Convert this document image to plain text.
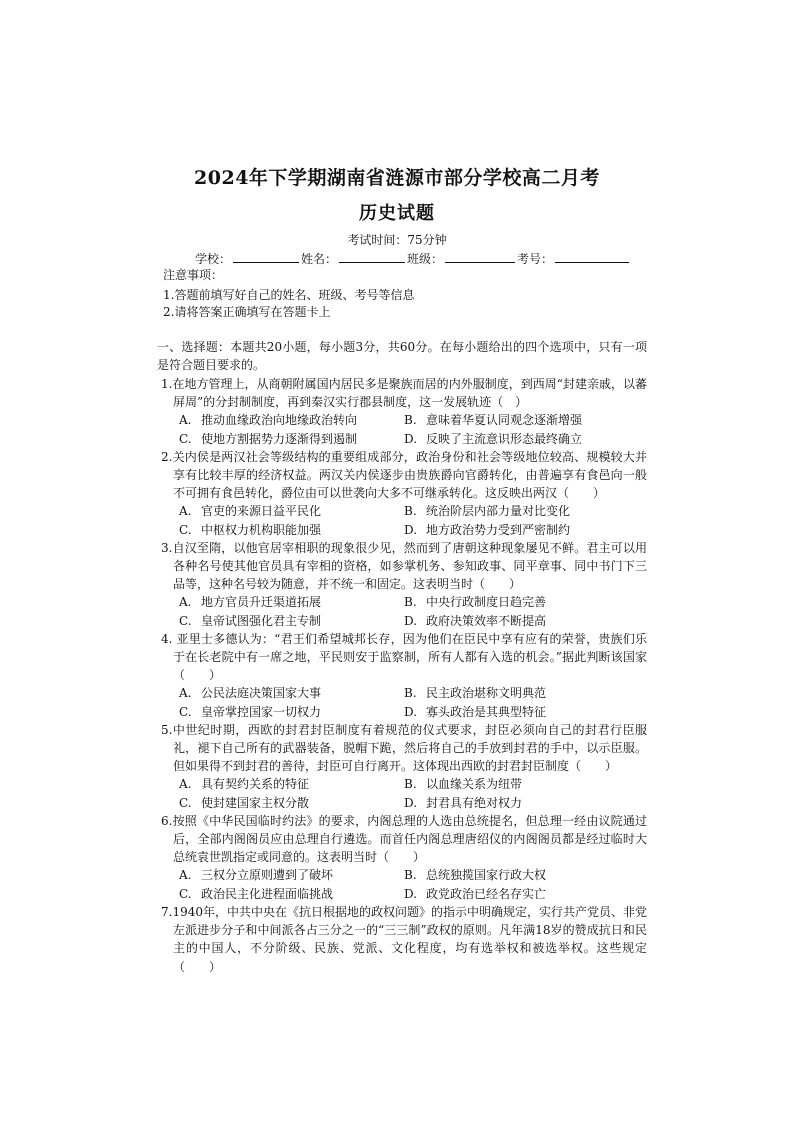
2024年下学期湖南省涟源市部分学校高二月考
历史试题
考试时间：75分钟
学校：	姓名：	班级：	考号：
注意事项：
1.答题前填写好自己的姓名、班级、考号等信息
2.请将答案正确填写在答题卡上
一、选择题：本题共20小题，每小题3分，共60分。在每小题给出的四个选项中，只有一项是符合题目要求的。
1.在地方管理上，从商朝附属国内居民多是聚族而居的内外服制度，到西周“封建亲戚，以蕃屏周”的分封制制度，再到秦汉实行郡县制度，这一发展轨迹（　）
A. 推动血缘政治向地缘政治转向	B. 意味着华夏认同观念逐渐增强
C. 使地方割据势力逐渐得到遏制	D. 反映了主流意识形态最终确立
2.关内侯是两汉社会等级结构的重要组成部分，政治身份和社会等级地位较高、规模较大并享有比较丰厚的经济权益。两汉关内侯逐步由贵族爵向官爵转化，由普遍享有食邑向一般不可拥有食邑转化，爵位由可以世袭向大多不可继承转化。这反映出两汉（　　）
A. 官吏的来源日益平民化	B. 统治阶层内部力量对比变化
C. 中枢权力机构职能加强	D. 地方政治势力受到严密制约
3.自汉至隋，以他官居宰相职的现象很少见，然而到了唐朝这种现象屡见不鲜。君主可以用各种名号使其他官员具有宰相的资格，如参掌机务、参知政事、同平章事、同中书门下三品等，这种名号较为随意，并不统一和固定。这表明当时（　　）
A. 地方官员升迁渠道拓展	B. 中央行政制度日趋完善
C. 皇帝试图强化君主专制	D. 政府决策效率不断提高
4. 亚里士多德认为：“君王们希望城邦长存，因为他们在臣民中享有应有的荣誉，贵族们乐于在长老院中有一席之地，平民则安于监察制，所有人都有入选的机会。”据此判断该国家（　　）
A. 公民法庭决策国家大事	B. 民主政治堪称文明典范
C. 皇帝掌控国家一切权力	D. 寡头政治是其典型特征
5.中世纪时期，西欧的封君封臣制度有着规范的仪式要求，封臣必须向自己的封君行臣服礼，褪下自己所有的武器装备，脱帽下跪，然后将自己的手放到封君的手中，以示臣服。但如果得不到封君的善待，封臣可自行离开。这体现出西欧的封君封臣制度（　　）
A. 具有契约关系的特征	B. 以血缘关系为纽带
C. 使封建国家主权分散	D. 封君具有绝对权力
6.按照《中华民国临时约法》的要求，内阁总理的人选由总统提名，但总理一经由议院通过后，全部内阁阁员应由总理自行遴选。而首任内阁总理唐绍仪的内阁阁员都是经过临时大总统袁世凯指定或同意的。这表明当时（　　）
A. 三权分立原则遭到了破坏	B. 总统独揽国家行政大权
C. 政治民主化进程面临挑战	D. 政党政治已经名存实亡
7.1940年，中共中央在《抗日根据地的政权问题》的指示中明确规定，实行共产党员、非党左派进步分子和中间派各占三分之一的“三三制”政权的原则。凡年满18岁的赞成抗日和民主的中国人，不分阶级、民族、党派、文化程度，均有选举权和被选举权。这些规定（　　）
